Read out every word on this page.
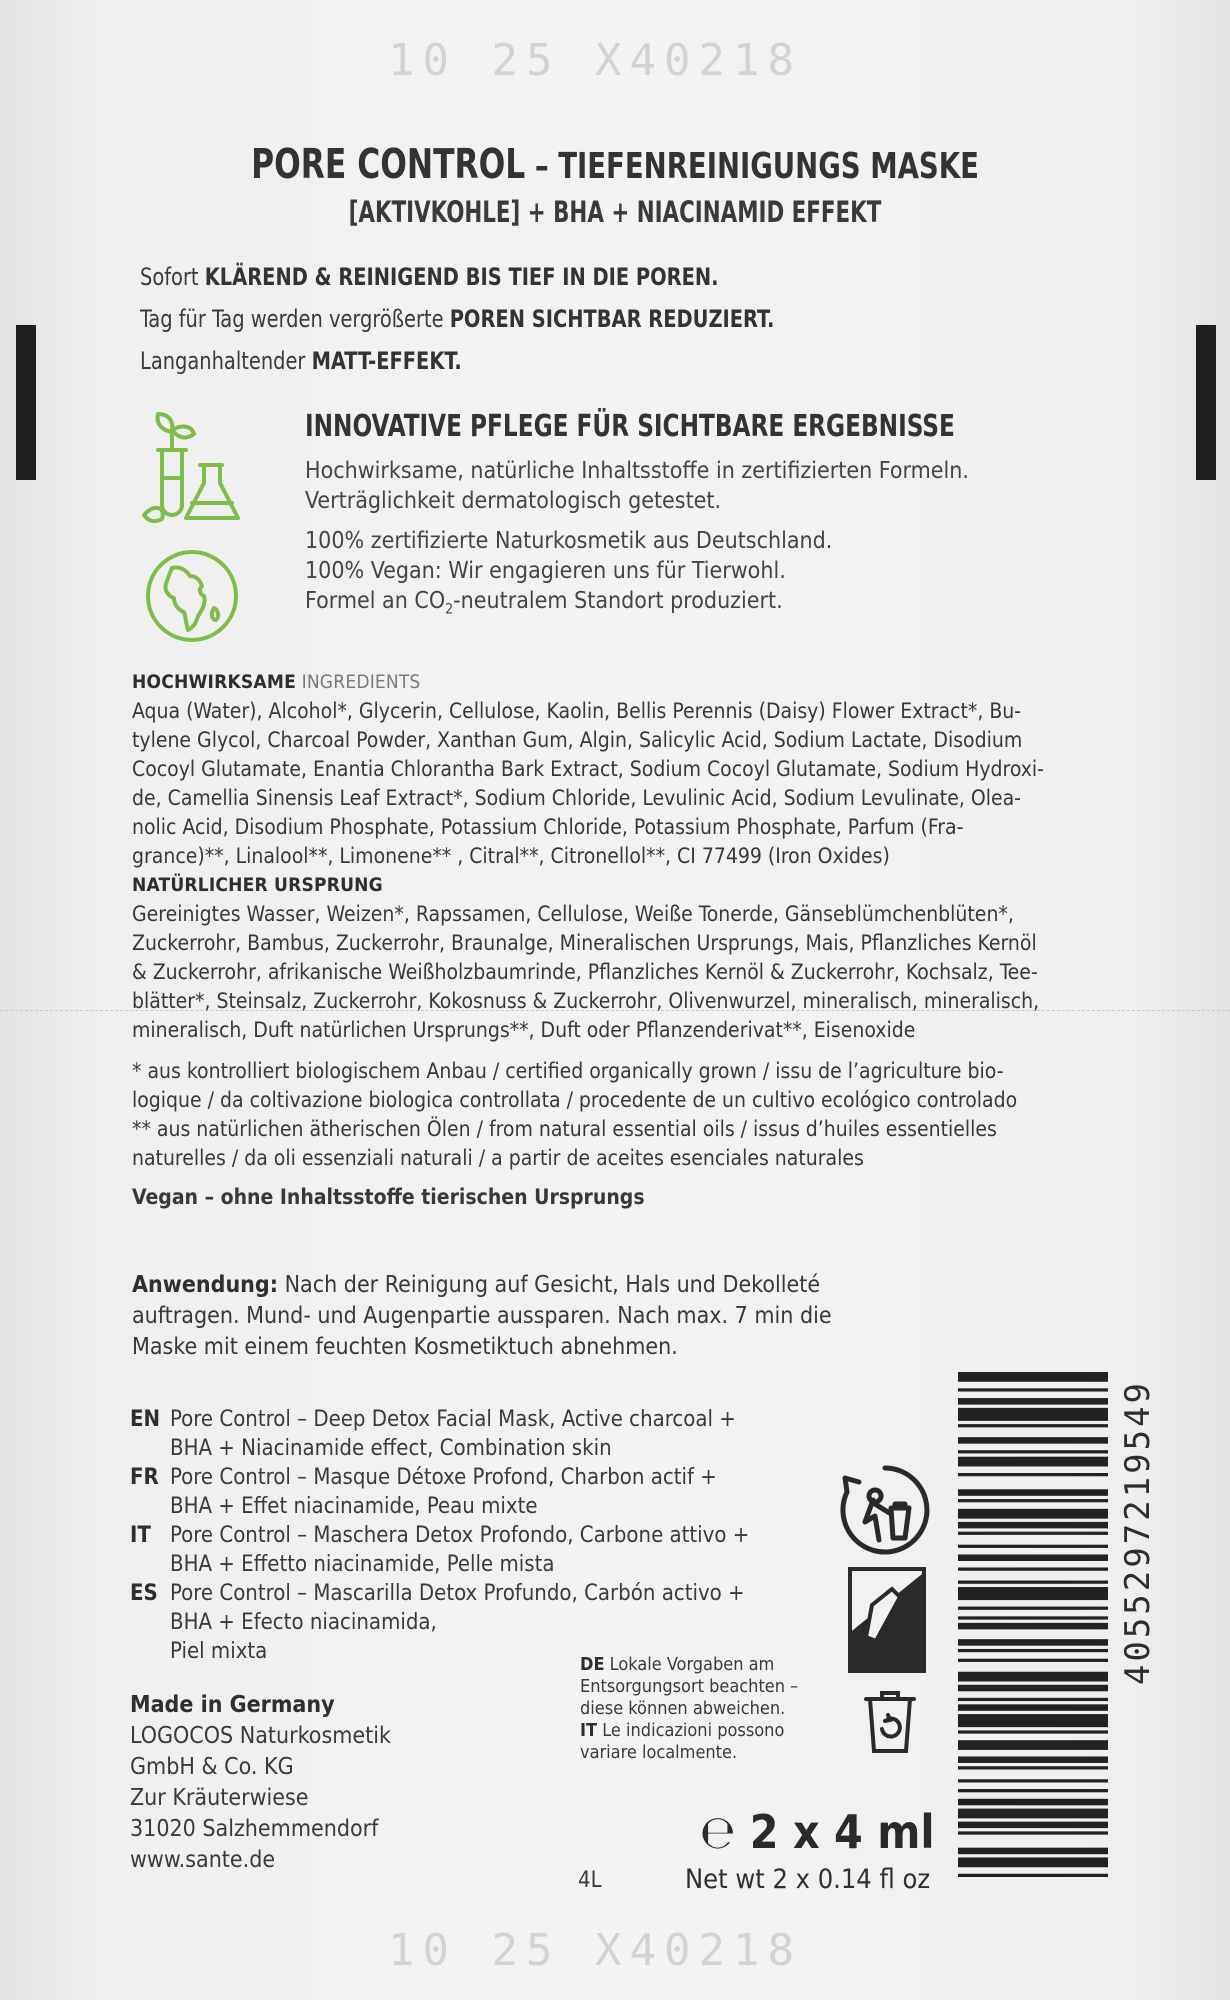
10 25 X40218
PORE CONTROL – TIEFENREINIGUNGS MASKE
[AKTIVKOHLE] + BHA + NIACINAMID EFFEKT
Sofort KLÄREND & REINIGEND BIS TIEF IN DIE POREN.
Tag für Tag werden vergrößerte POREN SICHTBAR REDUZIERT.
Langanhaltender MATT-EFFEKT.

INNOVATIVE PFLEGE FÜR SICHTBARE ERGEBNISSE

Hochwirksame, natürliche Inhaltsstoffe in zertifizierten Formeln.
Verträglichkeit dermatologisch getestet.

100% zertifizierte Naturkosmetik aus Deutschland.
100% Vegan: Wir engagieren uns für Tierwohl.
Formel an $CO_2$-neutralem Standort produziert.

HOCHWIRKSAME INGREDIENTS

Aqua (Water), Alcohol*, Glycerin, Cellulose, Kaolin, Bellis Perennis (Daisy) Flower Extract*, Bu-
tylene Glycol, Charcoal Powder, Xanthan Gum, Algin, Salicylic Acid, Sodium Lactate, Disodium
Cocoyl Glutamate, Enantia Chlorantha Bark Extract, Sodium Cocoyl Glutamate, Sodium Hydroxi-
de, Camellia Sinensis Leaf Extract*, Sodium Chloride, Levulinic Acid, Sodium Levulinate, Olea-
nolic Acid, Disodium Phosphate, Potassium Chloride, Potassium Phosphate, Parfum (Fra-
grance)**, Linalool**, Limonene** , Citral**, Citronellol**, CI 77499 (Iron Oxides)

NATÜRLICHER URSPRUNG

Gereinigtes Wasser, Weizen*, Rapssamen, Cellulose, Weiße Tonerde, Gänseblümchenblüten*,
Zuckerrohr, Bambus, Zuckerrohr, Braunalge, Mineralischen Ursprungs, Mais, Pflanzliches Kernöl
& Zuckerrohr, afrikanische Weißholzbaumrinde, Pflanzliches Kernöl & Zuckerrohr, Kochsalz, Tee-
blätter*, Steinsalz, Zuckerrohr, Kokosnuss & Zuckerrohr, Olivenwurzel, mineralisch, mineralisch,
mineralisch, Duft natürlichen Ursprungs**, Duft oder Pflanzenderivat**, Eisenoxide

* aus kontrolliert biologischem Anbau / certified organically grown / issu de l’agriculture bio-
logique / da coltivazione biologica controllata / procedente de un cultivo ecológico controlado
** aus natürlichen ätherischen Ölen / from natural essential oils / issus d’huiles essentielles
naturelles / da oli essenziali naturali / a partir de aceites esenciales naturales

Vegan – ohne Inhaltsstoffe tierischen Ursprungs

Anwendung: Nach der Reinigung auf Gesicht, Hals und Dekolleté
auftragen. Mund- und Augenpartie aussparen. Nach max. 7 min die
Maske mit einem feuchten Kosmetiktuch abnehmen.
EN Pore Control – Deep Detox Facial Mask, Active charcoal +
BHA + Niacinamide effect, Combination skin
FR Pore Control – Masque Détoxe Profond, Charbon actif +
BHA + Effet niacinamide, Peau mixte
IT Pore Control – Maschera Detox Profondo, Carbone attivo +
BHA + Effetto niacinamide, Pelle mista
ES Pore Control – Mascarilla Detox Profundo, Carbón activo +
BHA + Efecto niacinamida,
Piel mixta
Made in Germany
LOGOCOS Naturkosmetik
GmbH & Co. KG
Zur Kräuterwiese
31020 Salzhemmendorf
www.sante.de
DE Lokale Vorgaben am
Entsorgungsort beachten –
diese können abweichen.
IT Le indicazioni possono
variare localmente.
℮ 2 x 4 ml
4L	Net wt 2 x 0.14 fl oz
4055297219549
10 25 X40218
